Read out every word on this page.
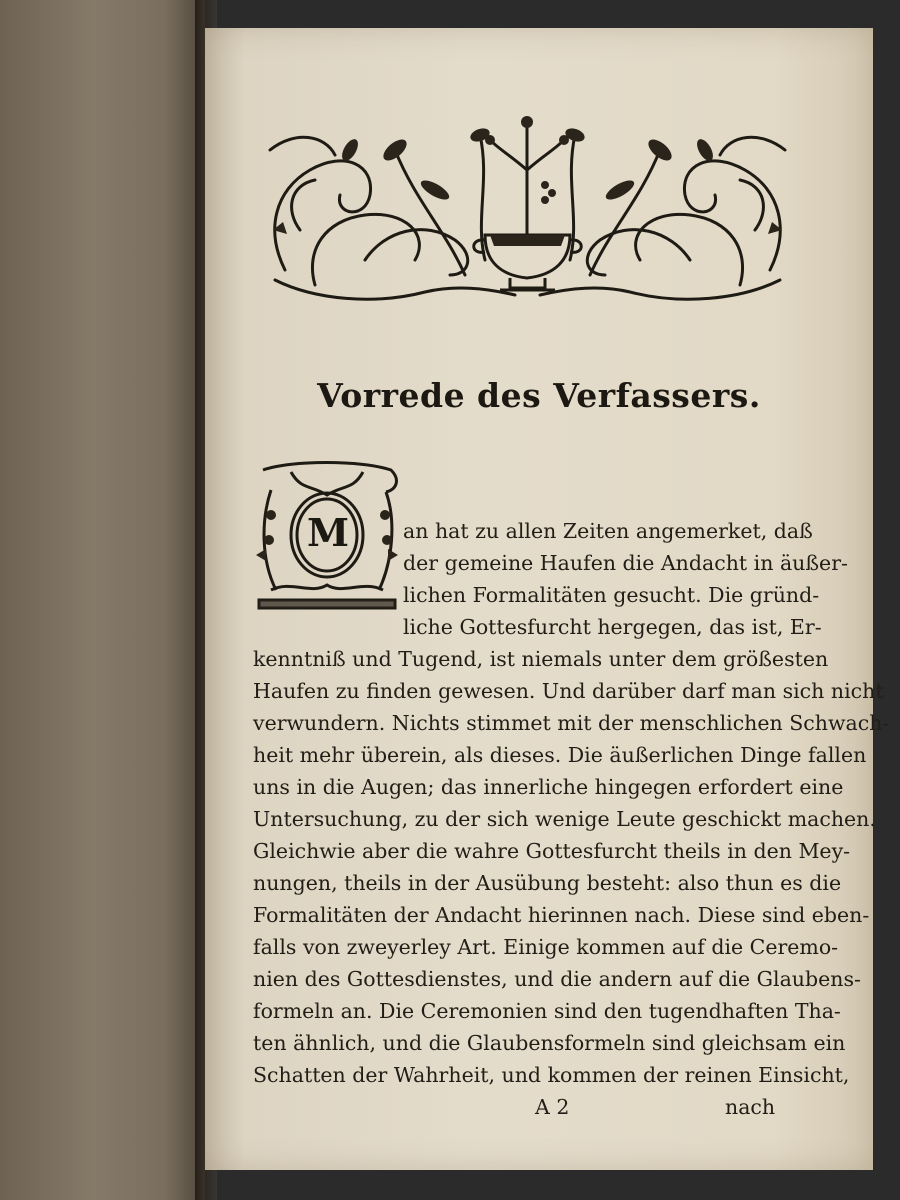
Vorrede des Verfassers.
M	an hat zu allen Zeiten angemerket, daß
der gemeine Haufen die Andacht in äußer-
lichen Formalitäten gesucht. Die gründ-
liche Gottesfurcht hergegen, das ist, Er-
kenntniß und Tugend, ist niemals unter dem größesten
Haufen zu finden gewesen. Und darüber darf man sich nicht
verwundern. Nichts stimmet mit der menschlichen Schwach-
heit mehr überein, als dieses. Die äußerlichen Dinge fallen
uns in die Augen; das innerliche hingegen erfordert eine
Untersuchung, zu der sich wenige Leute geschickt machen.
Gleichwie aber die wahre Gottesfurcht theils in den Mey-
nungen, theils in der Ausübung besteht: also thun es die
Formalitäten der Andacht hierinnen nach. Diese sind eben-
falls von zweyerley Art. Einige kommen auf die Ceremo-
nien des Gottesdienstes, und die andern auf die Glaubens-
formeln an. Die Ceremonien sind den tugendhaften Tha-
ten ähnlich, und die Glaubensformeln sind gleichsam ein
Schatten der Wahrheit, und kommen der reinen Einsicht,
A 2	nach
